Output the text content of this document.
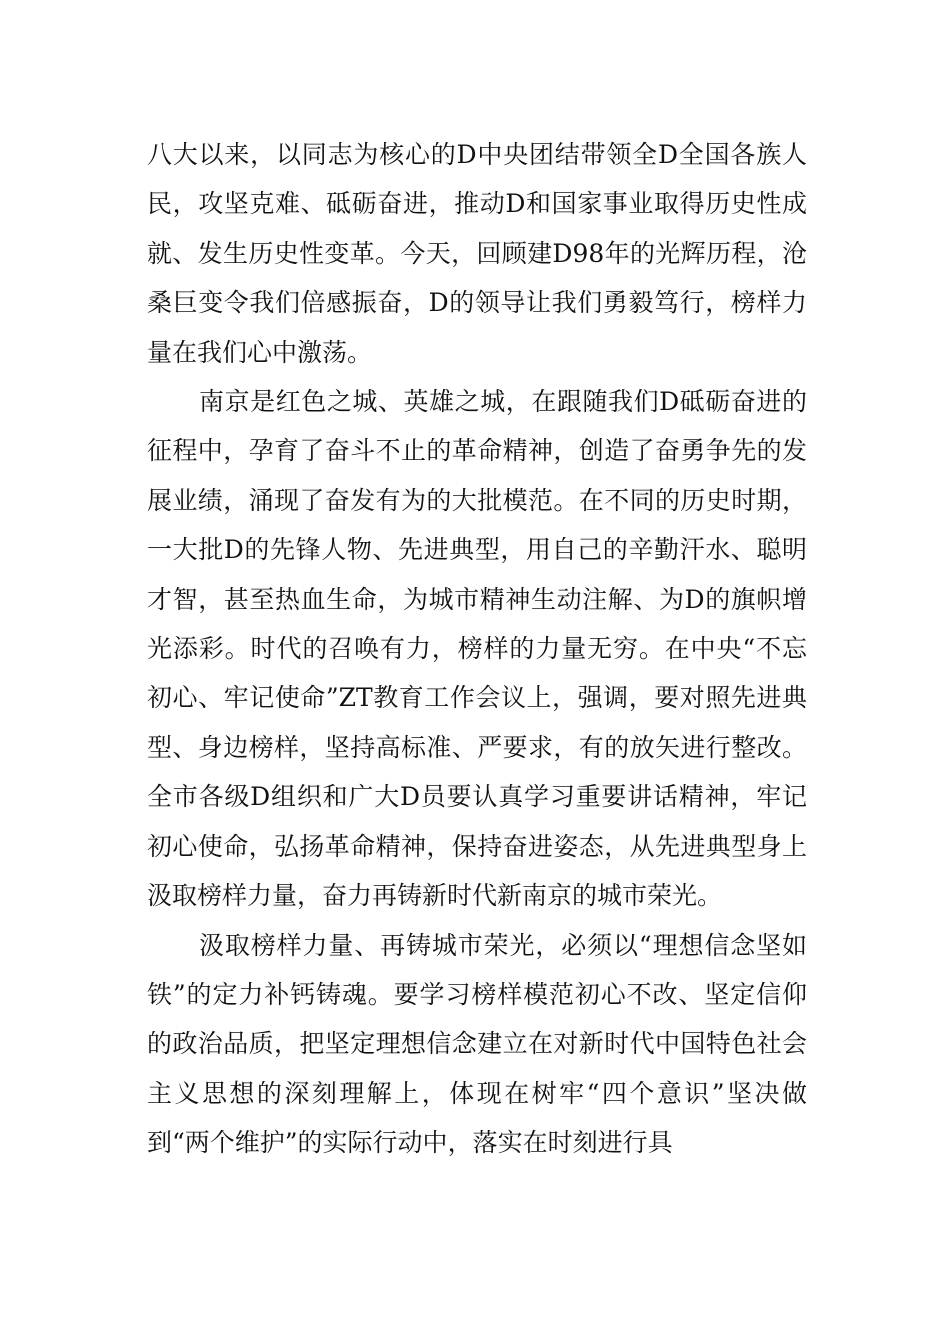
八大以来，以同志为核心的D中央团结带领全D全国各族人民，攻坚克难、砥砺奋进，推动D和国家事业取得历史性成就、发生历史性变革。今天，回顾建D98年的光辉历程，沧桑巨变令我们倍感振奋，D的领导让我们勇毅笃行，榜样力量在我们心中激荡。

南京是红色之城、英雄之城，在跟随我们D砥砺奋进的征程中，孕育了奋斗不止的革命精神，创造了奋勇争先的发展业绩，涌现了奋发有为的大批模范。在不同的历史时期，一大批D的先锋人物、先进典型，用自己的辛勤汗水、聪明才智，甚至热血生命，为城市精神生动注解、为D的旗帜增光添彩。时代的召唤有力，榜样的力量无穷。在中央“不忘初心、牢记使命”ZT教育工作会议上，强调，要对照先进典型、身边榜样，坚持高标准、严要求，有的放矢进行整改。全市各级D组织和广大D员要认真学习重要讲话精神，牢记初心使命，弘扬革命精神，保持奋进姿态，从先进典型身上汲取榜样力量，奋力再铸新时代新南京的城市荣光。

汲取榜样力量、再铸城市荣光，必须以“理想信念坚如铁”的定力补钙铸魂。要学习榜样模范初心不改、坚定信仰的政治品质，把坚定理想信念建立在对新时代中国特色社会主义思想的深刻理解上，体现在树牢“四个意识”坚决做到“两个维护”的实际行动中，落实在时刻进行具
